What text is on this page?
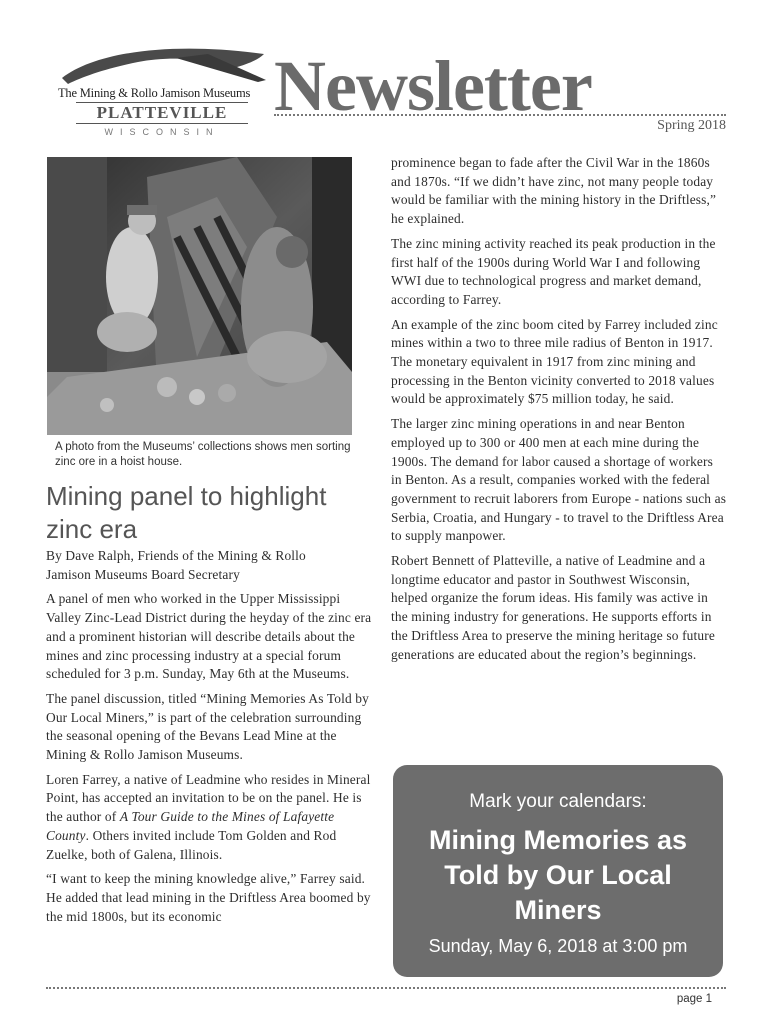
The Mining & Rollo Jamison Museums
PLATTEVILLE
WISCONSIN
Newsletter	Spring 2018
A photo from the Museums’ collections shows men sorting zinc ore in a hoist house.
Mining panel to highlight
zinc era

By Dave Ralph, Friends of the Mining & Rollo
Jamison Museums Board Secretary

A panel of men who worked in the Upper Mississippi Valley Zinc-Lead District during the heyday of the zinc era and a prominent historian will describe details about the mines and zinc processing industry at a special forum scheduled for 3 p.m. Sunday, May 6th at the Museums.

The panel discussion, titled “Mining Memories As Told by Our Local Miners,” is part of the celebration surrounding the seasonal opening of the Bevans Lead Mine at the Mining & Rollo Jamison Museums.

Loren Farrey, a native of Leadmine who resides in Mineral Point, has accepted an invitation to be on the panel. He is the author of A Tour Guide to the Mines of Lafayette County. Others invited include Tom Golden and Rod Zuelke, both of Galena, Illinois.

“I want to keep the mining knowledge alive,” Farrey said. He added that lead mining in the Driftless Area boomed by the mid 1800s, but its economic

prominence began to fade after the Civil War in the 1860s and 1870s. “If we didn’t have zinc, not many people today would be familiar with the mining history in the Driftless,” he explained.

The zinc mining activity reached its peak production in the first half of the 1900s during World War I and following WWI due to technological progress and market demand, according to Farrey.

An example of the zinc boom cited by Farrey included zinc mines within a two to three mile radius of Benton in 1917. The monetary equivalent in 1917 from zinc mining and processing in the Benton vicinity converted to 2018 values would be approximately $75 million today, he said.

The larger zinc mining operations in and near Benton employed up to 300 or 400 men at each mine during the 1900s. The demand for labor caused a shortage of workers in Benton. As a result, companies worked with the federal government to recruit laborers from Europe - nations such as Serbia, Croatia, and Hungary - to travel to the Driftless Area to supply manpower.

Robert Bennett of Platteville, a native of Leadmine and a longtime educator and pastor in Southwest Wisconsin, helped organize the forum ideas. His family was active in the mining industry for generations. He supports efforts in the Driftless Area to preserve the mining heritage so future generations are educated about the region’s beginnings.

Mark your calendars:
Mining Memories as Told by Our Local Miners
Sunday, May 6, 2018 at 3:00 pm
page 1
